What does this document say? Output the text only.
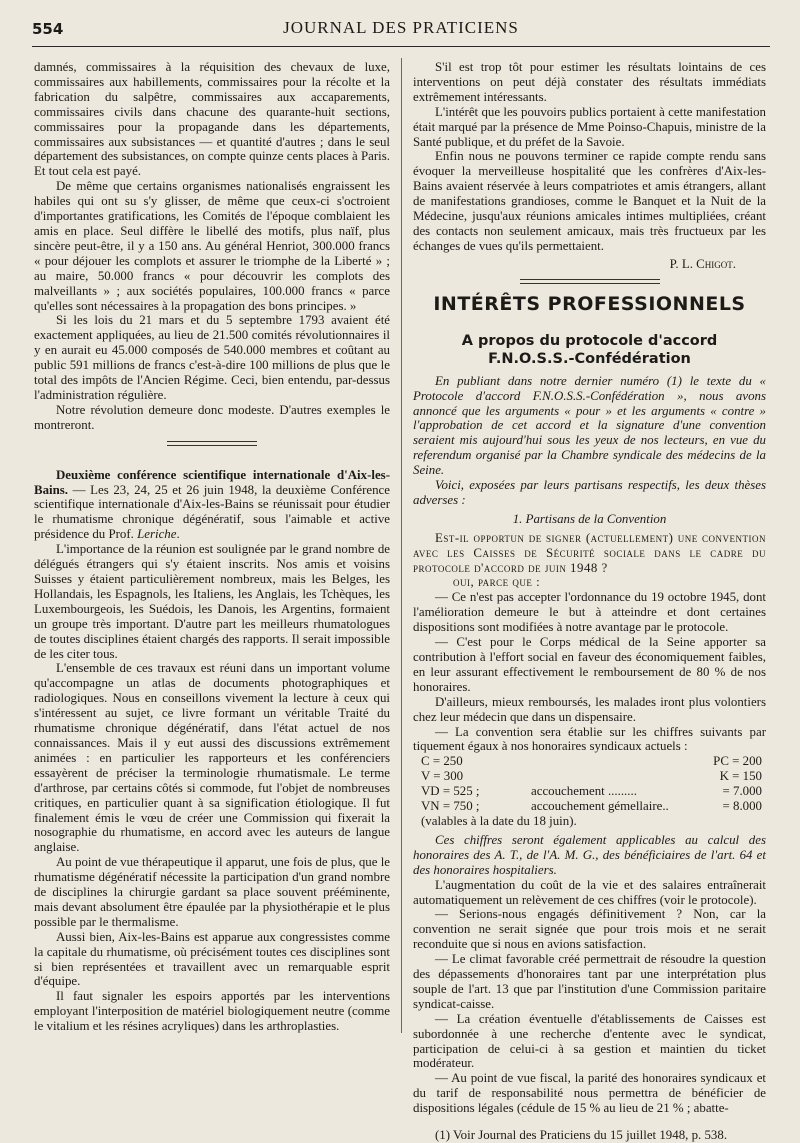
554	JOURNAL DES PRATICIENS

damnés, commissaires à la réquisition des chevaux de luxe, commissaires aux habillements, commissaires pour la récolte et la fabrication du salpêtre, commissaires aux accaparements, commissaires civils dans chacune des quarante-huit sections, commissaires pour la propagande dans les départements, commissaires aux subsistances — et quantité d'autres ; dans le seul département des subsistances, on compte quinze cents places à Paris. Et tout cela est payé.

De même que certains organismes nationalisés engraissent les habiles qui ont su s'y glisser, de même que ceux-ci s'octroient d'importantes gratifications, les Comités de l'époque comblaient les amis en place. Seul diffère le libellé des motifs, plus naïf, plus sincère peut-être, il y a 150 ans. Au général Henriot, 300.000 francs « pour déjouer les complots et assurer le triomphe de la Liberté » ; au maire, 50.000 francs « pour découvrir les complots des malveillants » ; aux sociétés populaires, 100.000 francs « parce qu'elles sont nécessaires à la propagation des bons principes. »

Si les lois du 21 mars et du 5 septembre 1793 avaient été exactement appliquées, au lieu de 21.500 comités révolutionnaires il y en aurait eu 45.000 composés de 540.000 membres et coûtant au public 591 millions de francs c'est-à-dire 100 millions de plus que le total des impôts de l'Ancien Régime. Ceci, bien entendu, par-dessus l'administration régulière.

Notre révolution demeure donc modeste. D'autres exemples le montreront.

Deuxième conférence scientifique internationale d'Aix-les-Bains. — Les 23, 24, 25 et 26 juin 1948, la deuxième Conférence scientifique internationale d'Aix-les-Bains se réunissait pour étudier le rhumatisme chronique dégénératif, sous l'aimable et active présidence du Prof. Leriche.

L'importance de la réunion est soulignée par le grand nombre de délégués étrangers qui s'y étaient inscrits. Nos amis et voisins Suisses y étaient particulièrement nombreux, mais les Belges, les Hollandais, les Espagnols, les Italiens, les Anglais, les Tchèques, les Luxembourgeois, les Suédois, les Danois, les Argentins, formaient un groupe très important. D'autre part les meilleurs rhumatologues de toutes disciplines étaient chargés des rapports. Il serait impossible de les citer tous.

L'ensemble de ces travaux est réuni dans un important volume qu'accompagne un atlas de documents photographiques et radiologiques. Nous en conseillons vivement la lecture à ceux qui s'intéressent au sujet, ce livre formant un véritable Traité du rhumatisme chronique dégénératif, dans l'état actuel de nos connaissances. Mais il y eut aussi des discussions extrêmement animées : en particulier les rapporteurs et les conférenciers essayèrent de préciser la terminologie rhumatismale. Le terme d'arthrose, par certains côtés si commode, fut l'objet de nombreuses critiques, en particulier quant à sa signification étiologique. Il fut finalement émis le vœu de créer une Commission qui fixerait la nosographie du rhumatisme, en accord avec les auteurs de langue anglaise.

Au point de vue thérapeutique il apparut, une fois de plus, que le rhumatisme dégénératif nécessite la participation d'un grand nombre de disciplines la chirurgie gardant sa place souvent prééminente, mais devant absolument être épaulée par la physiothérapie et le plus possible par le thermalisme.

Aussi bien, Aix-les-Bains est apparue aux congressistes comme la capitale du rhumatisme, où précisément toutes ces disciplines sont si bien représentées et travaillent avec un remarquable esprit d'équipe.

Il faut signaler les espoirs apportés par les interventions employant l'interposition de matériel biologiquement neutre (comme le vitalium et les résines acryliques) dans les arthroplasties.

S'il est trop tôt pour estimer les résultats lointains de ces interventions on peut déjà constater des résultats immédiats extrêmement intéressants.

L'intérêt que les pouvoirs publics portaient à cette manifestation était marqué par la présence de Mme Poinso-Chapuis, ministre de la Santé publique, et du préfet de la Savoie.

Enfin nous ne pouvons terminer ce rapide compte rendu sans évoquer la merveilleuse hospitalité que les confrères d'Aix-les-Bains avaient réservée à leurs compatriotes et amis étrangers, allant de manifestations grandioses, comme le Banquet et la Nuit de la Médecine, jusqu'aux réunions amicales intimes multipliées, créant des contacts non seulement amicaux, mais très fructueux par les échanges de vues qu'ils permettaient.

P. L. Chigot.

INTÉRÊTS PROFESSIONNELS
A propos du protocole d'accord
F.N.O.S.S.-Confédération

En publiant dans notre dernier numéro (1) le texte du « Protocole d'accord F.N.O.S.S.-Confédération », nous avons annoncé que les arguments « pour » et les arguments « contre » l'approbation de cet accord et la signature d'une convention seraient mis aujourd'hui sous les yeux de nos lecteurs, en vue du referendum organisé par la Chambre syndicale des médecins de la Seine.

Voici, exposées par leurs partisans respectifs, les deux thèses adverses :

1. Partisans de la Convention

Est-il opportun de signer (actuellement) une convention avec les Caisses de Sécurité sociale dans le cadre du protocole d'accord de juin 1948 ?

oui, parce que :

— Ce n'est pas accepter l'ordonnance du 19 octobre 1945, dont l'amélioration demeure le but à atteindre et dont certaines dispositions sont modifiées à notre avantage par le protocole.

— C'est pour le Corps médical de la Seine apporter sa contribution à l'effort social en faveur des économiquement faibles, en leur assurant effectivement le remboursement de 80 % de nos honoraires.

D'ailleurs, mieux remboursés, les malades iront plus volontiers chez leur médecin que dans un dispensaire.

— La convention sera établie sur les chiffres suivants par tiquement égaux à nos honoraires syndicaux actuels :

C = 250	PC = 200
V = 300	K = 150
VD = 525 ;	accouchement .........	= 7.000
VN = 750 ;	accouchement gémellaire..	= 8.000
(valables à la date du 18 juin).

Ces chiffres seront également applicables au calcul des honoraires des A. T., de l'A. M. G., des bénéficiaires de l'art. 64 et des honoraires hospitaliers.

L'augmentation du coût de la vie et des salaires entraînerait automatiquement un relèvement de ces chiffres (voir le protocole).

— Serions-nous engagés définitivement ? Non, car la convention ne serait signée que pour trois mois et ne serait reconduite que si nous en avions satisfaction.

— Le climat favorable créé permettrait de résoudre la question des dépassements d'honoraires tant par une interprétation plus souple de l'art. 13 que par l'institution d'une Commission paritaire syndicat-caisse.

— La création éventuelle d'établissements de Caisses est subordonnée à une recherche d'entente avec le syndicat, participation de celui-ci à sa gestion et maintien du ticket modérateur.

— Au point de vue fiscal, la parité des honoraires syndicaux et du tarif de responsabilité nous permettra de bénéficier de dispositions légales (cédule de 15 % au lieu de 21 % ; abatte-

(1) Voir Journal des Praticiens du 15 juillet 1948, p. 538.
